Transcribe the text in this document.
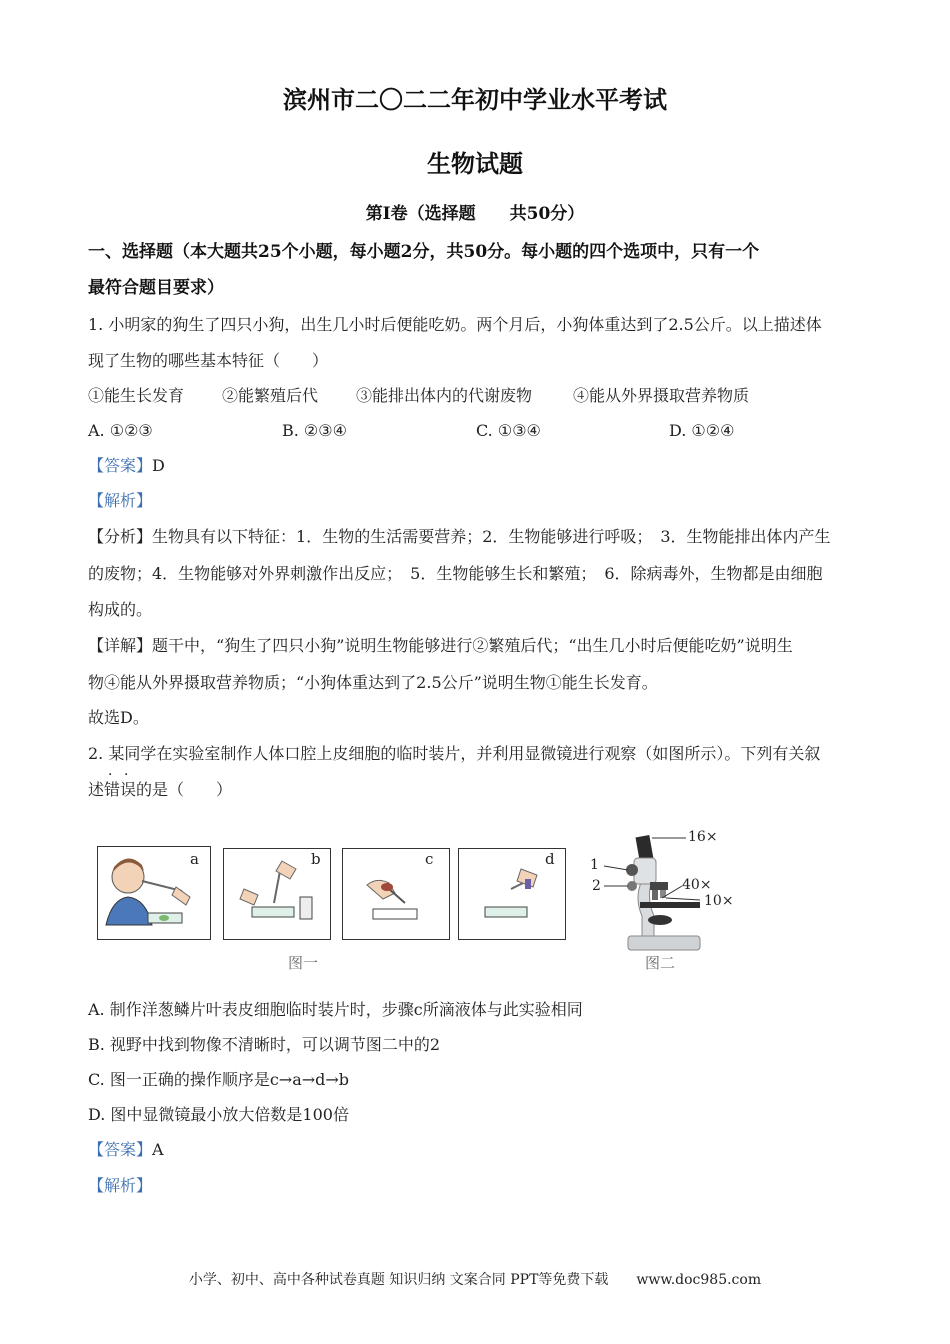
滨州市二〇二二年初中学业水平考试
生物试题
第Ⅰ卷（选择题　　共50分）
一、选择题（本大题共25个小题，每小题2分，共50分。每小题的四个选项中，只有一个
最符合题目要求）
1. 小明家的狗生了四只小狗，出生几小时后便能吃奶。两个月后，小狗体重达到了2.5公斤。以上描述体
现了生物的哪些基本特征（　　）
①能生长发育 ②能繁殖后代 ③能排出体内的代谢废物	④能从外界摄取营养物质
A. ①②③	B. ②③④	C. ①③④	D. ①②④
【答案】D
【解析】
【分析】生物具有以下特征：1．生物的生活需要营养；2．生物能够进行呼吸；　3．生物能排出体内产生
的废物；4．生物能够对外界刺激作出反应；　5．生物能够生长和繁殖；　6．除病毒外，生物都是由细胞
构成的。
【详解】题干中，“狗生了四只小狗”说明生物能够进行②繁殖后代；“出生几小时后便能吃奶”说明生
物④能从外界摄取营养物质；“小狗体重达到了2.5公斤”说明生物①能生长发育。
故选D。
2. 某同学在实验室制作人体口腔上皮细胞的临时装片，并利用显微镜进行观察（如图所示）。下列有关叙
· ·
述错误的是（　　）
a	b	c	d
图一
16×
1
2	40×
10×
图二
A. 制作洋葱鳞片叶表皮细胞临时装片时，步骤c所滴液体与此实验相同
B. 视野中找到物像不清晰时，可以调节图二中的2
C. 图一正确的操作顺序是c→a→d→b
D. 图中显微镜最小放大倍数是100倍
【答案】A
【解析】
小学、初中、高中各种试卷真题 知识归纳 文案合同 PPT等免费下载　　www.doc985.com
